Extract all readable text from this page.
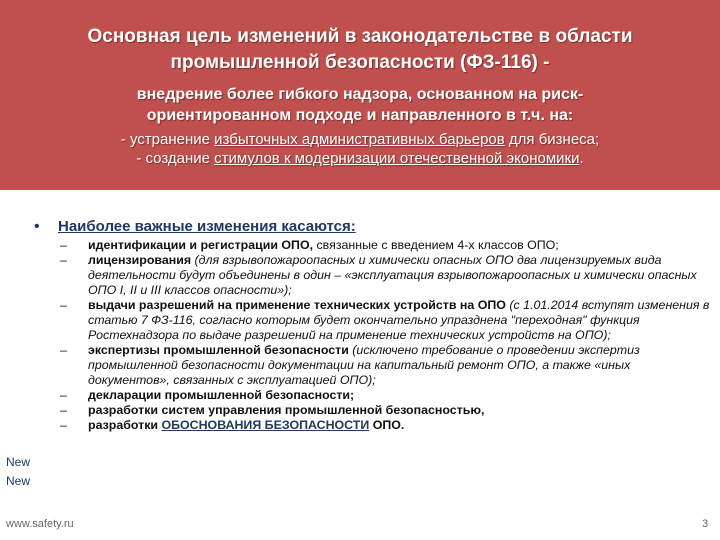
Основная цель изменений в законодательстве в области
промышленной безопасности (ФЗ-116) -
внедрение более гибкого надзора, основанном на риск-
ориентированном подходе и направленного в т.ч. на:
- устранение избыточных административных барьеров для бизнеса;
- создание стимулов к модернизации отечественной экономики.
• Наиболее важные изменения касаются:
– идентификации и регистрации ОПО, связанные с введением 4-х классов ОПО;
– лицензирования (для взрывопожароопасных и химически опасных ОПО два лицензируемых вида деятельности будут объединены в один – «эксплуатация взрывопожароопасных и химически опасных ОПО I, II и III классов опасности»);
– выдачи разрешений на применение технических устройств на ОПО (с 1.01.2014 вступят изменения в статью 7 ФЗ-116, согласно которым будет окончательно упразднена "переходная" функция Ростехнадзора по выдаче разрешений на применение технических устройств на ОПО);
– экспертизы промышленной безопасности (исключено требование о проведении экспертиз промышленной безопасности документации на капитальный ремонт ОПО, а также «иных документов», связанных с эксплуатацией ОПО);
– декларации промышленной безопасности;
– разработки систем управления промышленной безопасностью,
– разработки ОБОСНОВАНИЯ БЕЗОПАСНОСТИ ОПО.
New
New
www.safety.ru	3
